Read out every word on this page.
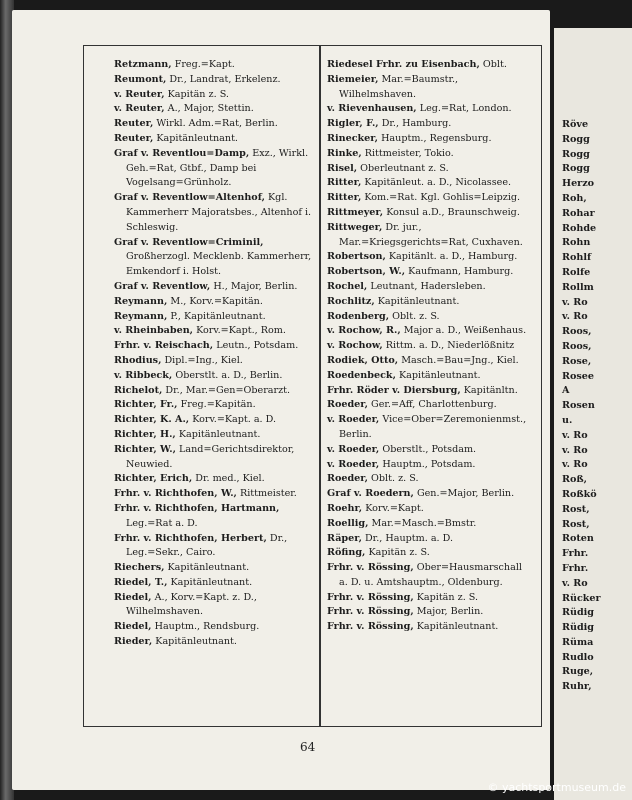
Röve
Rogg
Rogg
Rogg
Herzo
Roh,
Rohar
Rohde
Rohn
Rohlf
Rolfe
Rollm
v. Ro
v. Ro
Roos,
Roos,
Rose,
Rosee
A
Rosen
u.
v. Ro
v. Ro
v. Ro
Roß,
Roßkö
Rost,
Rost,
Roten
Frhr.
Frhr.
v. Ro
Rücker
Rüdig
Rüdig
Rüma
Rudlo
Ruge,
Ruhr,
Retzmann, Freg.=Kapt.
Reumont, Dr., Landrat, Erkelenz.
v. Reuter, Kapitän z. S.
v. Reuter, A., Major, Stettin.
Reuter, Wirkl. Adm.=Rat, Berlin.
Reuter, Kapitänleutnant.
Graf v. Reventlou=Damp, Exz., Wirkl. Geh.=Rat, Gtbf., Damp bei Vogelsang=Grünholz.
Graf v. Reventlow=Altenhof, Kgl. Kammerherr Majoratsbes., Altenhof i. Schleswig.
Graf v. Reventlow=Criminil, Großherzogl. Mecklenb. Kammerherr, Emkendorf i. Holst.
Graf v. Reventlow, H., Major, Berlin.
Reymann, M., Korv.=Kapitän.
Reymann, P., Kapitänleutnant.
v. Rheinbaben, Korv.=Kapt., Rom.
Frhr. v. Reischach, Leutn., Potsdam.
Rhodius, Dipl.=Ing., Kiel.
v. Ribbeck, Oberstlt. a. D., Berlin.
Richelot, Dr., Mar.=Gen=Oberarzt.
Richter, Fr., Freg.=Kapitän.
Richter, K. A., Korv.=Kapt. a. D.
Richter, H., Kapitänleutnant.
Richter, W., Land=Gerichtsdirektor, Neuwied.
Richter, Erich, Dr. med., Kiel.
Frhr. v. Richthofen, W., Rittmeister.
Frhr. v. Richthofen, Hartmann, Leg.=Rat a. D.
Frhr. v. Richthofen, Herbert, Dr., Leg.=Sekr., Cairo.
Riechers, Kapitänleutnant.
Riedel, T., Kapitänleutnant.
Riedel, A., Korv.=Kapt. z. D., Wilhelmshaven.
Riedel, Hauptm., Rendsburg.
Rieder, Kapitänleutnant.
Riedesel Frhr. zu Eisenbach, Oblt.
Riemeier, Mar.=Baumstr., Wilhelmshaven.
v. Rievenhausen, Leg.=Rat, London.
Rigler, F., Dr., Hamburg.
Rinecker, Hauptm., Regensburg.
Rinke, Rittmeister, Tokio.
Risel, Oberleutnant z. S.
Ritter, Kapitänleut. a. D., Nicolassee.
Ritter, Kom.=Rat. Kgl. Gohlis=Leipzig.
Rittmeyer, Konsul a.D., Braunschweig.
Rittweger, Dr. jur., Mar.=Kriegsgerichts=Rat, Cuxhaven.
Robertson, Kapitänlt. a. D., Hamburg.
Robertson, W., Kaufmann, Hamburg.
Rochel, Leutnant, Hadersleben.
Rochlitz, Kapitänleutnant.
Rodenberg, Oblt. z. S.
v. Rochow, R., Major a. D., Weißenhaus.
v. Rochow, Rittm. a. D., Niederlößnitz
Rodiek, Otto, Masch.=Bau=Jng., Kiel.
Roedenbeck, Kapitänleutnant.
Frhr. Röder v. Diersburg, Kapitänltn.
Roeder, Ger.=Aff, Charlottenburg.
v. Roeder, Vice=Ober=Zeremonienmst., Berlin.
v. Roeder, Oberstlt., Potsdam.
v. Roeder, Hauptm., Potsdam.
Roeder, Oblt. z. S.
Graf v. Roedern, Gen.=Major, Berlin.
Roehr, Korv.=Kapt.
Roellig, Mar.=Masch.=Bmstr.
Räper, Dr., Hauptm. a. D.
Röfing, Kapitän z. S.
Frhr. v. Rössing, Ober=Hausmarschall a. D. u. Amtshauptm., Oldenburg.
Frhr. v. Rössing, Kapitän z. S.
Frhr. v. Rössing, Major, Berlin.
Frhr. v. Rössing, Kapitänleutnant.
64
© yachtsportmuseum.de
